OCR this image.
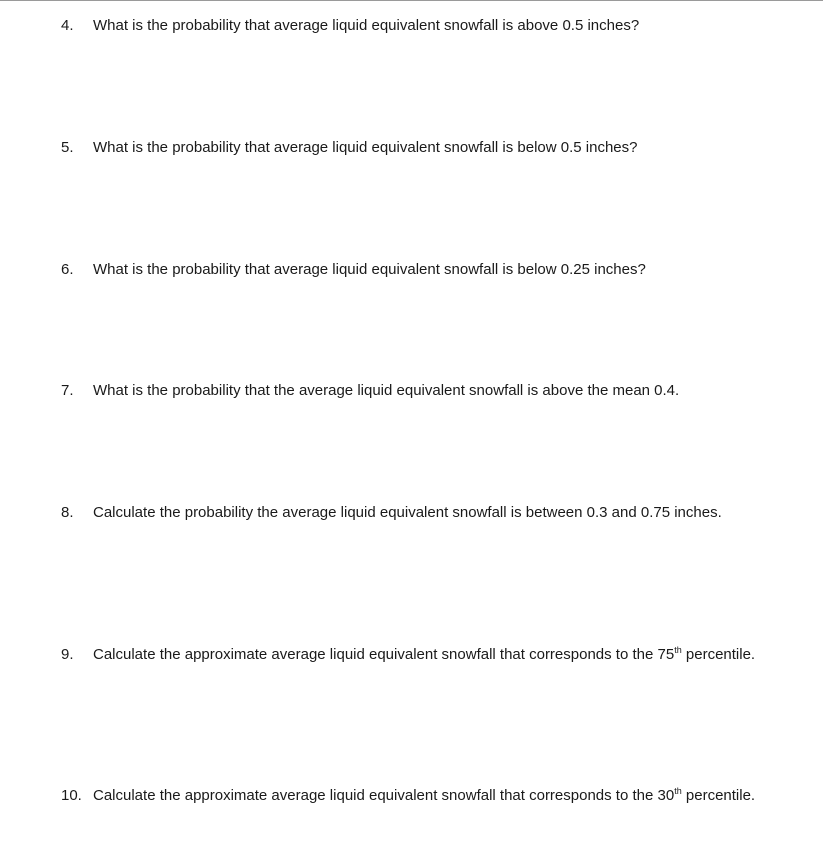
4.	What is the probability that average liquid equivalent snowfall is above 0.5 inches?
5.	What is the probability that average liquid equivalent snowfall is below 0.5 inches?
6.	What is the probability that average liquid equivalent snowfall is below 0.25 inches?
7.	What is the probability that the average liquid equivalent snowfall is above the mean 0.4.
8.	Calculate the probability the average liquid equivalent snowfall is between 0.3 and 0.75 inches.
9.	Calculate the approximate average liquid equivalent snowfall that corresponds to the 75th percentile.
10. Calculate the approximate average liquid equivalent snowfall that corresponds to the 30th percentile.
